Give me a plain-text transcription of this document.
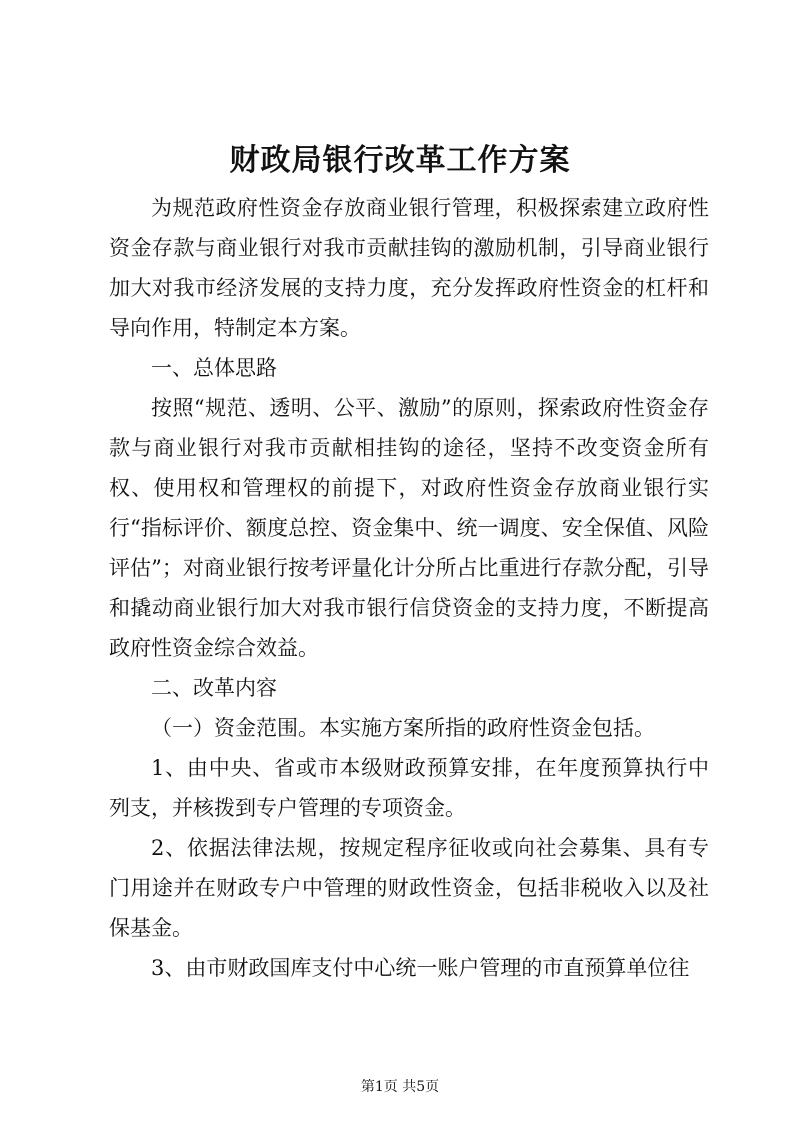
财政局银行改革工作方案

为规范政府性资金存放商业银行管理，积极探索建立政府性资金存款与商业银行对我市贡献挂钩的激励机制，引导商业银行加大对我市经济发展的支持力度，充分发挥政府性资金的杠杆和导向作用，特制定本方案。

一、总体思路

按照“规范、透明、公平、激励”的原则，探索政府性资金存款与商业银行对我市贡献相挂钩的途径，坚持不改变资金所有权、使用权和管理权的前提下，对政府性资金存放商业银行实行“指标评价、额度总控、资金集中、统一调度、安全保值、风险评估”；对商业银行按考评量化计分所占比重进行存款分配，引导和撬动商业银行加大对我市银行信贷资金的支持力度，不断提高政府性资金综合效益。

二、改革内容

（一）资金范围。本实施方案所指的政府性资金包括。

1、由中央、省或市本级财政预算安排，在年度预算执行中列支，并核拨到专户管理的专项资金。

2、依据法律法规，按规定程序征收或向社会募集、具有专门用途并在财政专户中管理的财政性资金，包括非税收入以及社保基金。

3、由市财政国库支付中心统一账户管理的市直预算单位往

第1页 共5页
